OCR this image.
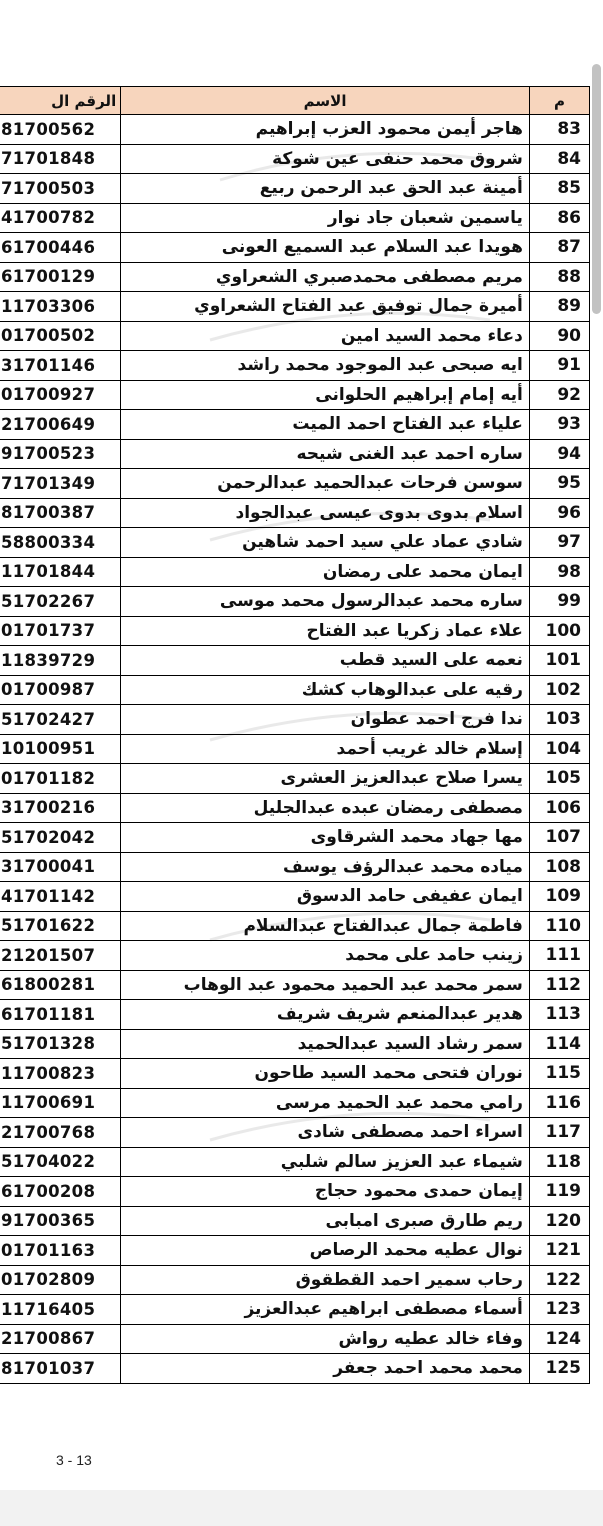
الرقم ال	الاسم	م
81700562	هاجر أيمن محمود العزب إبراهيم	83
71701848	شروق محمد حنفى عين شوكة	84
71700503	أمينة عبد الحق عبد الرحمن ربيع	85
41700782	ياسمين شعبان جاد نوار	86
61700446	هويدا عبد السلام عبد السميع العونى	87
61700129	مريم مصطفى محمدصبري الشعراوي	88
11703306	أميرة جمال توفيق عبد الفتاح الشعراوي	89
01700502	دعاء محمد السيد امين	90
31701146	ايه صبحى عبد الموجود محمد راشد	91
01700927	أيه إمام إبراهيم الحلوانى	92
21700649	علياء عبد الفتاح احمد الميت	93
91700523	ساره احمد عبد الغنى شيحه	94
71701349	سوسن فرحات عبدالحميد عبدالرحمن	95
81700387	اسلام بدوى بدوى عيسى عبدالجواد	96
58800334	شادي عماد علي سيد احمد شاهين	97
11701844	ايمان محمد على رمضان	98
51702267	ساره محمد عبدالرسول محمد موسى	99
01701737	علاء عماد زكريا عبد الفتاح	100
11839729	نعمه على السيد قطب	101
01700987	رقيه على عبدالوهاب كشك	102
51702427	ندا فرج احمد عطوان	103
10100951	إسلام خالد غريب أحمد	104
01701182	يسرا صلاح عبدالعزيز العشرى	105
31700216	مصطفى رمضان عبده عبدالجليل	106
51702042	مها جهاد محمد الشرقاوى	107
31700041	مياده محمد عبدالرؤف يوسف	108
41701142	ايمان عفيفى حامد الدسوق	109
51701622	فاطمة جمال عبدالفتاح عبدالسلام	110
21201507	زينب حامد على محمد	111
61800281	سمر محمد عبد الحميد محمود عبد الوهاب	112
61701181	هدير عبدالمنعم شريف شريف	113
51701328	سمر رشاد السيد عبدالحميد	114
11700823	نوران فتحى محمد السيد طاحون	115
11700691	رامي محمد عبد الحميد مرسى	116
21700768	اسراء احمد مصطفى شادى	117
51704022	شيماء عبد العزيز سالم شلبي	118
61700208	إيمان حمدى محمود حجاج	119
91700365	ريم طارق صبرى امبابى	120
01701163	نوال عطيه محمد الرصاص	121
01702809	رحاب سمير احمد القطقوق	122
11716405	أسماء مصطفى ابراهيم عبدالعزيز	123
21700867	وفاء خالد عطيه رواش	124
81701037	محمد محمد احمد جعفر	125
3 - 13
